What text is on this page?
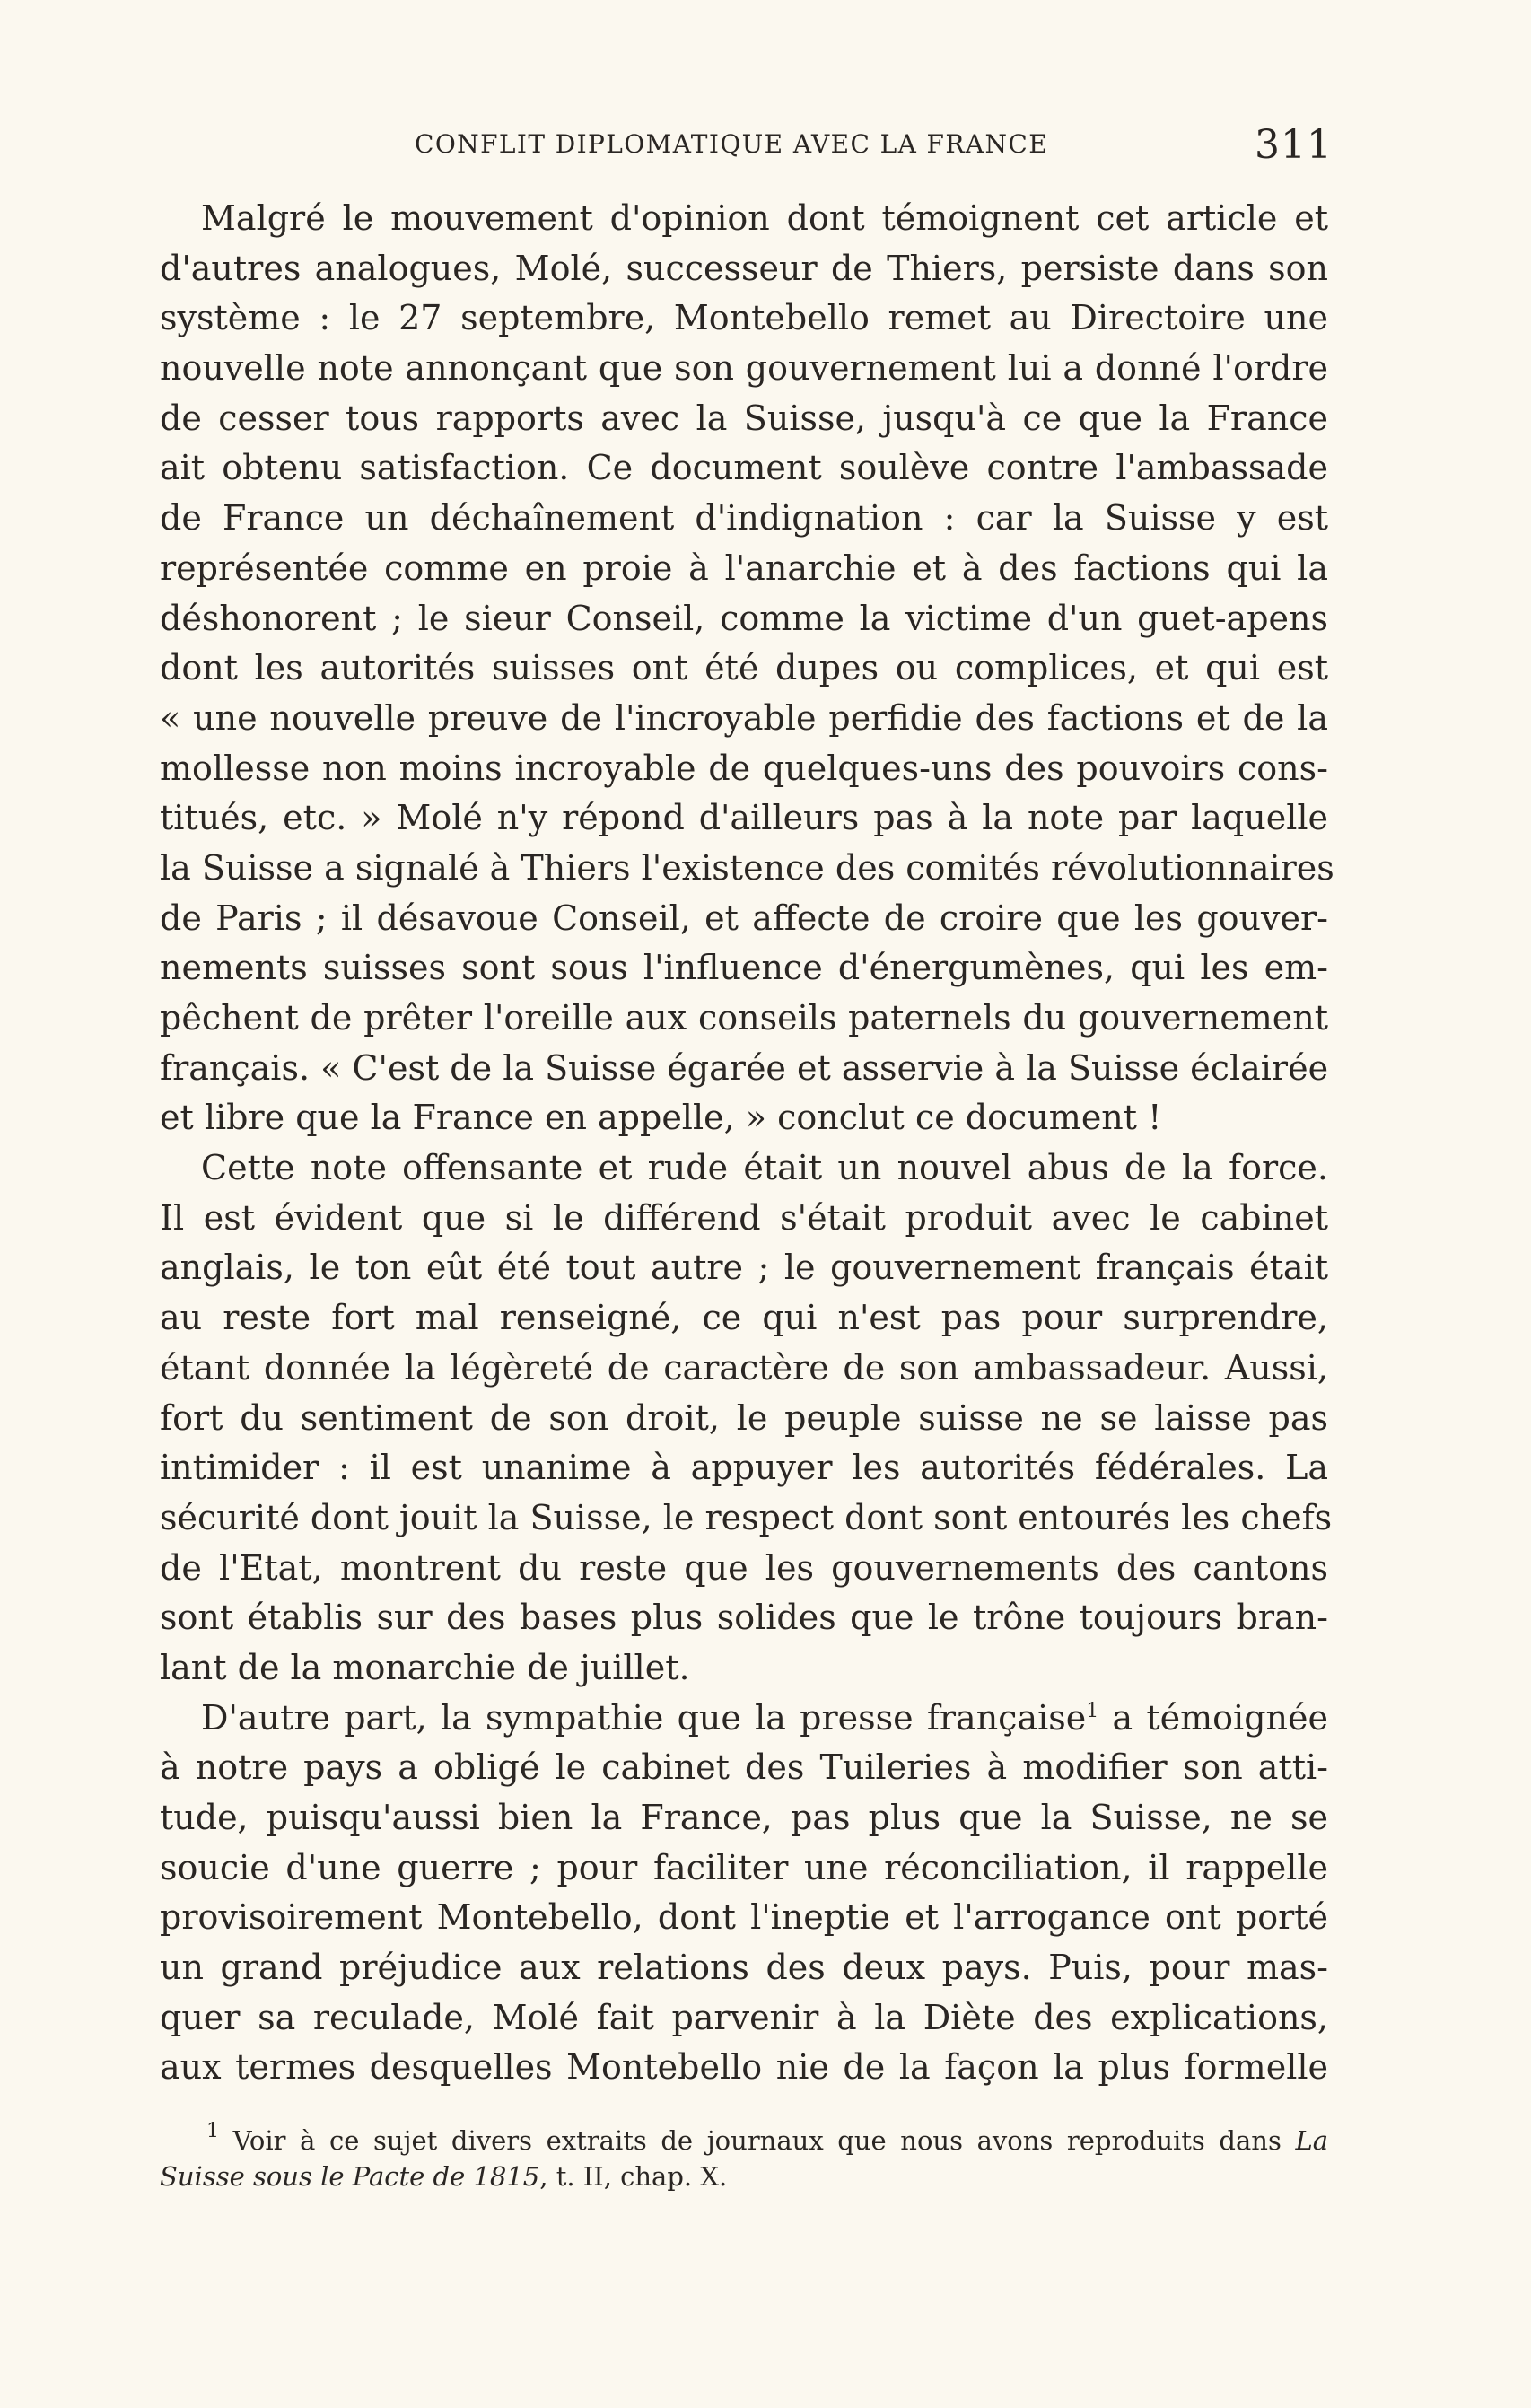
CONFLIT DIPLOMATIQUE AVEC LA FRANCE	311
Malgré le mouvement d'opinion dont témoignent cet article et
d'autres analogues, Molé, successeur de Thiers, persiste dans son
système : le 27 septembre, Montebello remet au Directoire une
nouvelle note annonçant que son gouvernement lui a donné l'ordre
de cesser tous rapports avec la Suisse, jusqu'à ce que la France
ait obtenu satisfaction. Ce document soulève contre l'ambassade
de France un déchaînement d'indignation : car la Suisse y est
représentée comme en proie à l'anarchie et à des factions qui la
déshonorent ; le sieur Conseil, comme la victime d'un guet-apens
dont les autorités suisses ont été dupes ou complices, et qui est
« une nouvelle preuve de l'incroyable perfidie des factions et de la
mollesse non moins incroyable de quelques-uns des pouvoirs cons-
titués, etc. » Molé n'y répond d'ailleurs pas à la note par laquelle
la Suisse a signalé à Thiers l'existence des comités révolutionnaires
de Paris ; il désavoue Conseil, et affecte de croire que les gouver-
nements suisses sont sous l'influence d'énergumènes, qui les em-
pêchent de prêter l'oreille aux conseils paternels du gouvernement
français. « C'est de la Suisse égarée et asservie à la Suisse éclairée
et libre que la France en appelle, » conclut ce document !
Cette note offensante et rude était un nouvel abus de la force.
Il est évident que si le différend s'était produit avec le cabinet
anglais, le ton eût été tout autre ; le gouvernement français était
au reste fort mal renseigné, ce qui n'est pas pour surprendre,
étant donnée la légèreté de caractère de son ambassadeur. Aussi,
fort du sentiment de son droit, le peuple suisse ne se laisse pas
intimider : il est unanime à appuyer les autorités fédérales. La
sécurité dont jouit la Suisse, le respect dont sont entourés les chefs
de l'Etat, montrent du reste que les gouvernements des cantons
sont établis sur des bases plus solides que le trône toujours bran-
lant de la monarchie de juillet.
D'autre part, la sympathie que la presse française$^1$ a témoignée
à notre pays a obligé le cabinet des Tuileries à modifier son atti-
tude, puisqu'aussi bien la France, pas plus que la Suisse, ne se
soucie d'une guerre ; pour faciliter une réconciliation, il rappelle
provisoirement Montebello, dont l'ineptie et l'arrogance ont porté
un grand préjudice aux relations des deux pays. Puis, pour mas-
quer sa reculade, Molé fait parvenir à la Diète des explications,
aux termes desquelles Montebello nie de la façon la plus formelle
$^1$ Voir à ce sujet divers extraits de journaux que nous avons reproduits dans La
Suisse sous le Pacte de 1815, t. II, chap. X.
